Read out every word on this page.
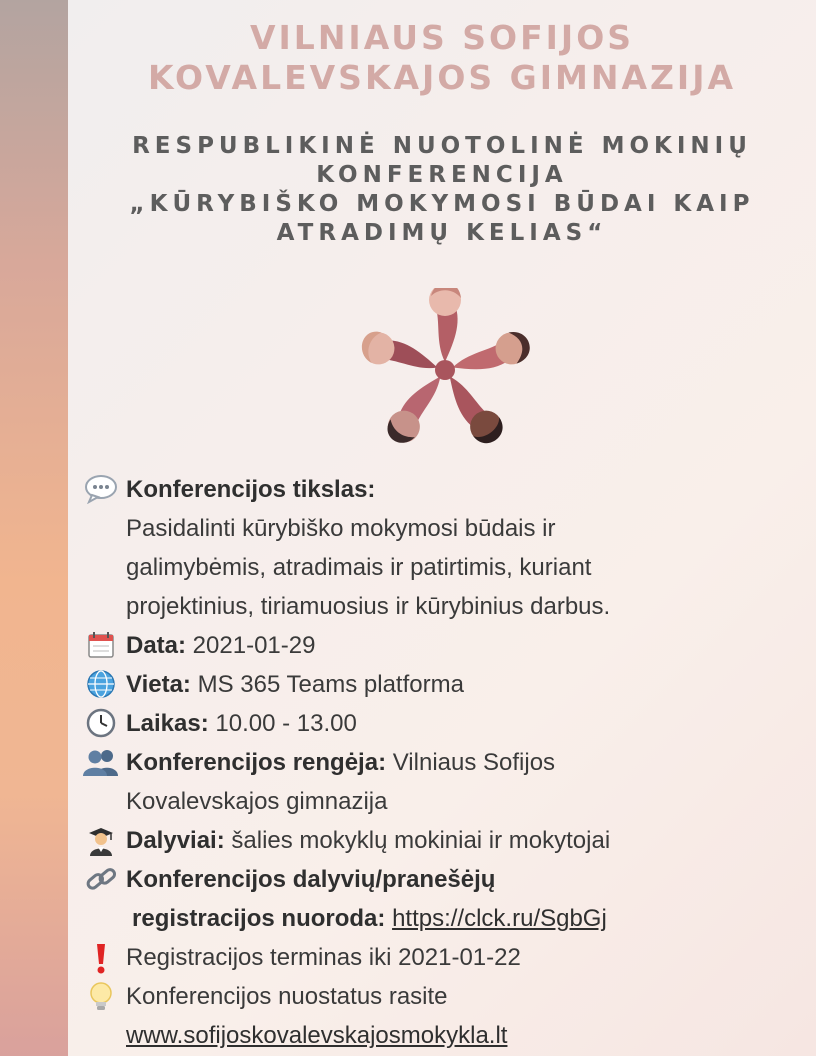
VILNIAUS SOFIJOS
KOVALEVSKAJOS GIMNAZIJA
RESPUBLIKINĖ NUOTOLINĖ MOKINIŲ
KONFERENCIJA
„KŪRYBIŠKO MOKYMOSI BŪDAI KAIP
ATRADIMŲ KELIAS“
Konferencijos tikslas:
Pasidalinti kūrybiško mokymosi būdais ir
galimybėmis, atradimais ir patirtimis, kuriant
projektinius, tiriamuosius ir kūrybinius darbus.
Data: 2021-01-29
Vieta: MS 365 Teams platforma
Laikas: 10.00 - 13.00
Konferencijos rengėja: Vilniaus Sofijos
Kovalevskajos gimnazija
Dalyviai: šalies mokyklų mokiniai ir mokytojai
Konferencijos dalyvių/pranešėjų
registracijos nuoroda: https://clck.ru/SgbGj
Registracijos terminas iki 2021-01-22
Konferencijos nuostatus rasite
www.sofijoskovalevskajosmokykla.lt
